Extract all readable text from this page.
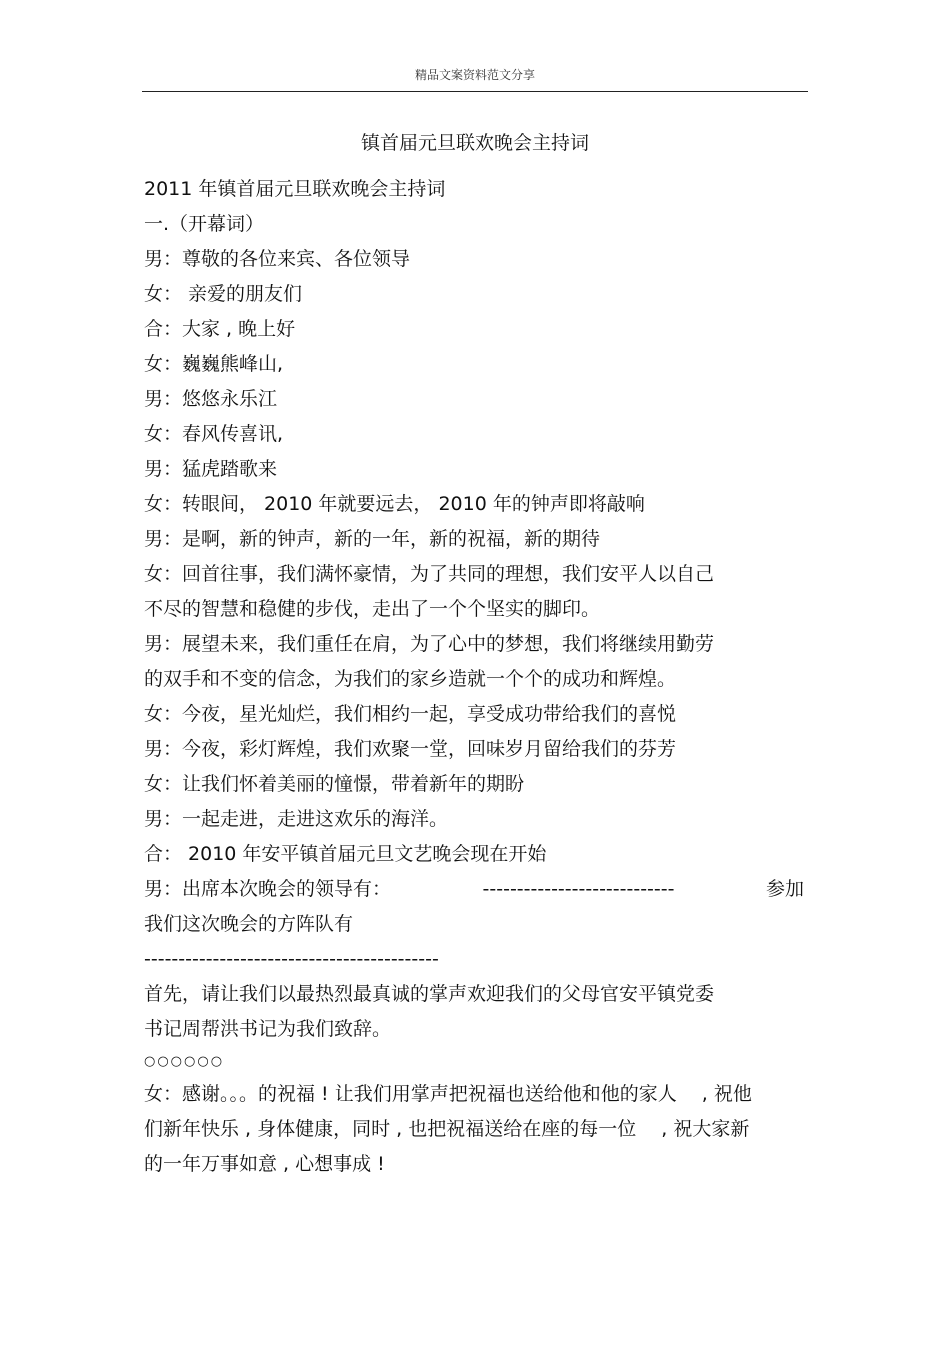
精品文案资料范文分享
镇首届元旦联欢晚会主持词
2011 年镇首届元旦联欢晚会主持词
一.（开幕词）
男：尊敬的各位来宾、各位领导
女： 亲爱的朋友们
合：大家 , 晚上好
女：巍巍熊峰山,
男：悠悠永乐江
女：春风传喜讯,
男：猛虎踏歌来
女：转眼间， 2010 年就要远去， 2010 年的钟声即将敲响
男：是啊，新的钟声，新的一年，新的祝福，新的期待
女：回首往事，我们满怀豪情，为了共同的理想，我们安平人以自己
不尽的智慧和稳健的步伐，走出了一个个坚实的脚印。
男：展望未来，我们重任在肩，为了心中的梦想，我们将继续用勤劳
的双手和不变的信念，为我们的家乡造就一个个的成功和辉煌。
女：今夜，星光灿烂，我们相约一起，享受成功带给我们的喜悦
男：今夜，彩灯辉煌，我们欢聚一堂，回味岁月留给我们的芬芳
女：让我们怀着美丽的憧憬，带着新年的期盼
男：一起走进，走进这欢乐的海洋。
合： 2010 年安平镇首届元旦文艺晚会现在开始
男：出席本次晚会的领导有：	----------------------------	参加
我们这次晚会的方阵队有
-------------------------------------------
首先，请让我们以最热烈最真诚的掌声欢迎我们的父母官安平镇党委
书记周帮洪书记为我们致辞。
○○○○○○
女：感谢。。。的祝福 ! 让我们用掌声把祝福也送给他和他的家人　 , 祝他
们新年快乐 , 身体健康，同时 , 也把祝福送给在座的每一位　 , 祝大家新
的一年万事如意 , 心想事成 !
